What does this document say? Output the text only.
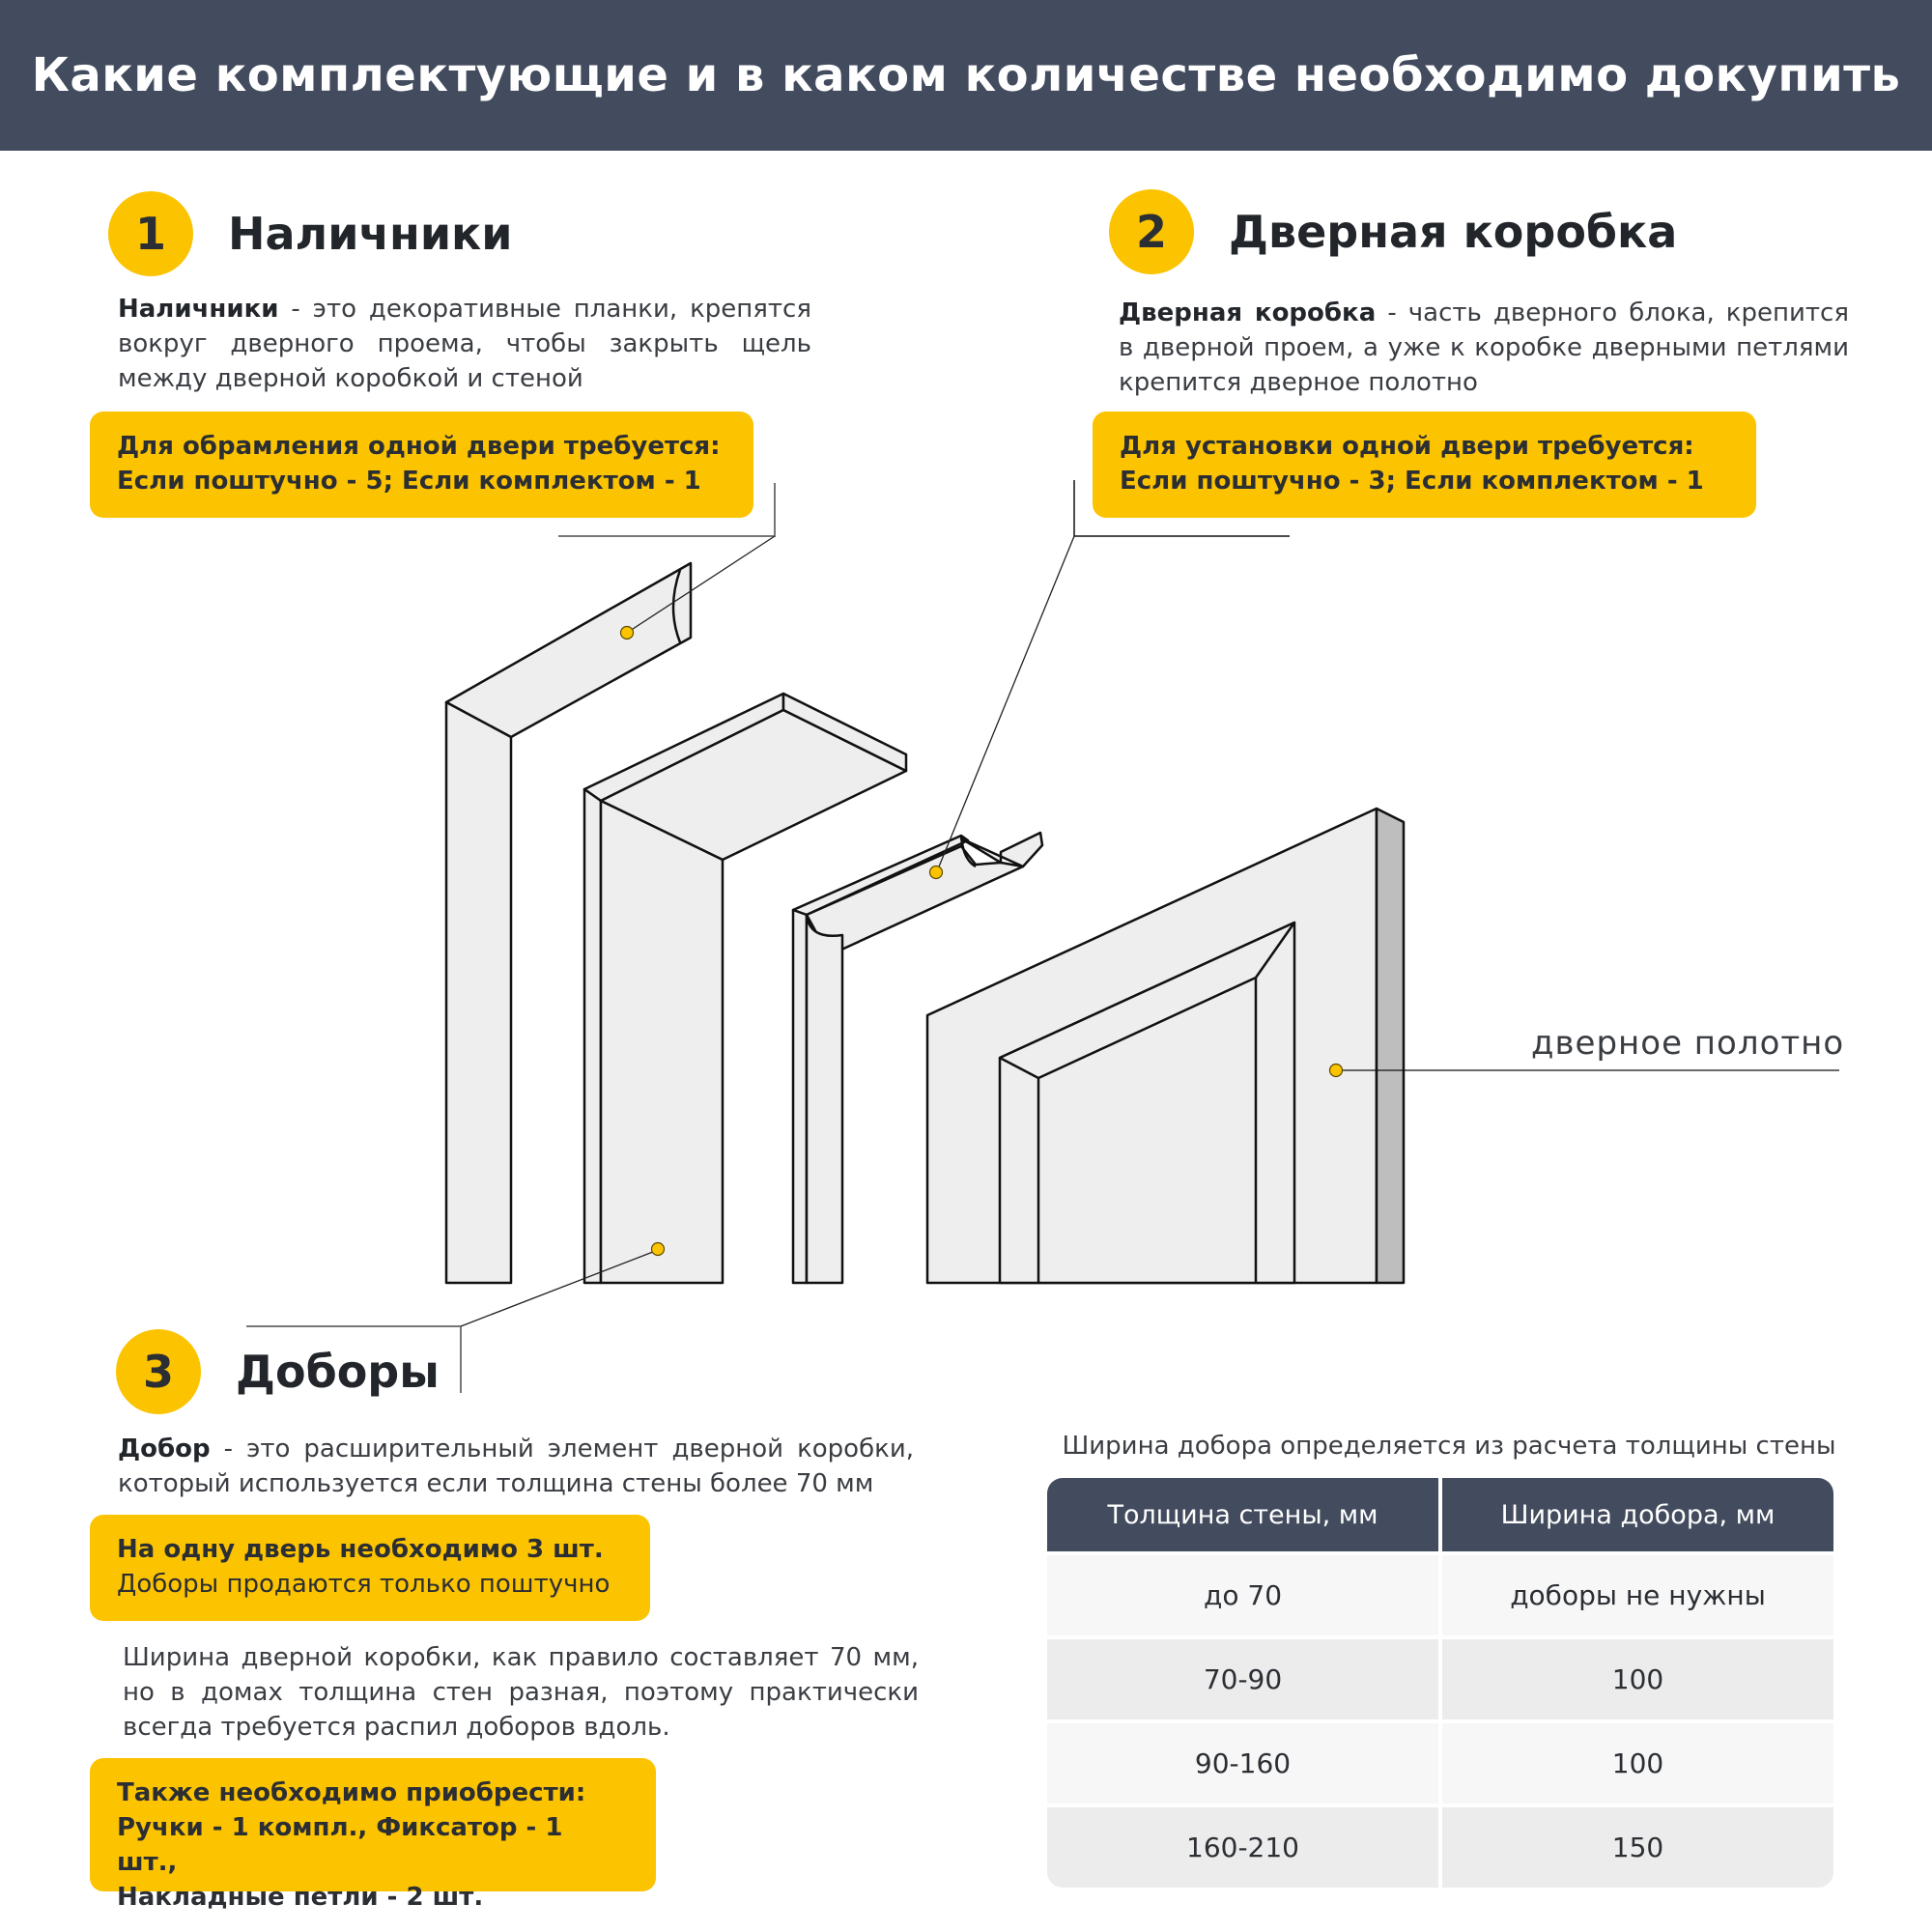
Какие комплектующие и в каком количестве необходимо докупить
1	Наличники
Наличники - это декоративные планки, крепятся вокруг дверного проема, чтобы закрыть щель между дверной коробкой и стеной
Для обрамления одной двери требуется:
Если поштучно - 5; Если комплектом - 1
2	Дверная коробка
Дверная коробка - часть дверного блока, крепится в дверной проем, а уже к коробке дверными петлями крепится дверное полотно
Для установки одной двери требуется:
Если поштучно - 3; Если комплектом - 1
3	Доборы
Добор - это расширительный элемент дверной коробки, который используется если толщина стены более 70 мм
На одну дверь необходимо 3 шт.
Доборы продаются только поштучно
Ширина дверной коробки, как правило составляет 70 мм, но в домах толщина стен разная, поэтому практически всегда требуется распил доборов вдоль.
Также необходимо приобрести:
Ручки - 1 компл., Фиксатор - 1 шт.,
Накладные петли - 2 шт.
дверное полотно
Ширина добора определяется из расчета толщины стены
Толщина стены, мм	Ширина добора, мм
до 70	доборы не нужны
70-90	100
90-160	100
160-210	150
